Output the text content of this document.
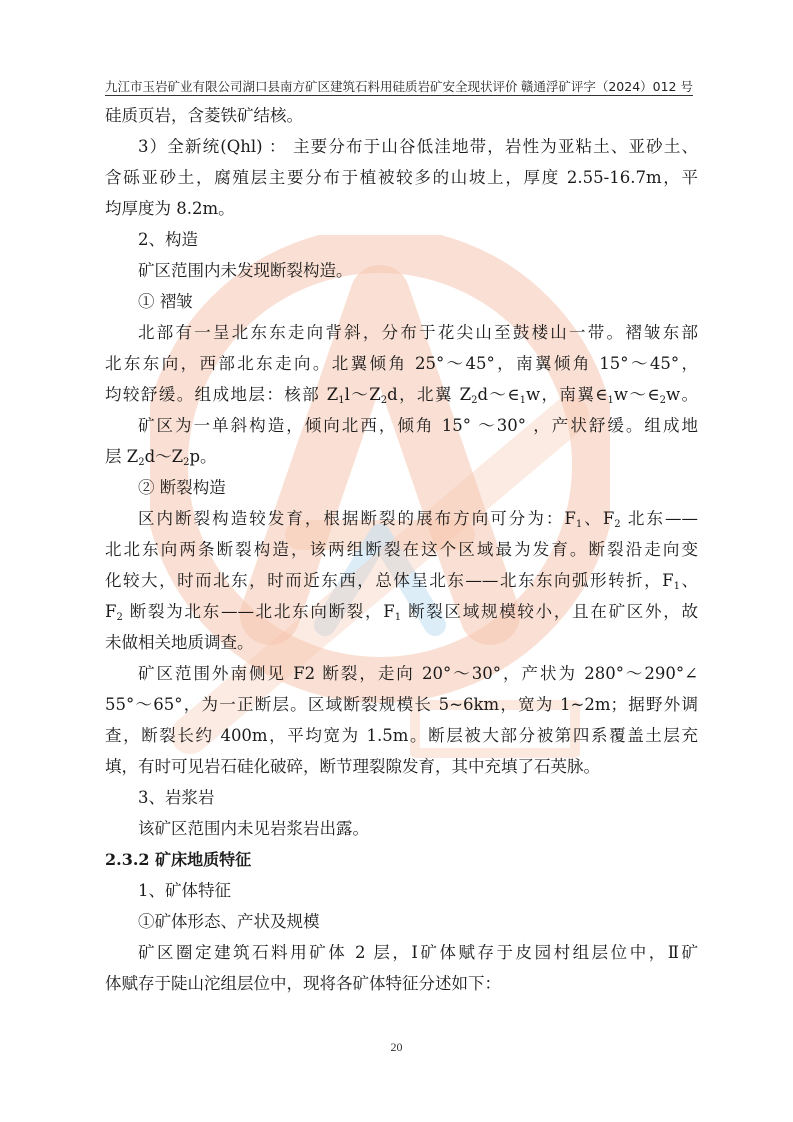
九江市玉岩矿业有限公司湖口县南方矿区建筑石料用硅质岩矿安全现状评价 赣通浮矿评字（2024）012 号
硅质页岩，含菱铁矿结核。
3）全新统(Qhl) ： 主要分布于山谷低洼地带，岩性为亚粘土、亚砂土、
含砾亚砂土，腐殖层主要分布于植被较多的山坡上，厚度 2.55-16.7m，平
均厚度为 8.2m。
2、构造
矿区范围内未发现断裂构造。
① 褶皱
北部有一呈北东东走向背斜，分布于花尖山至鼓楼山一带。褶皱东部
北东东向，西部北东走向。北翼倾角 25°～45°，南翼倾角 15°～45°，
均较舒缓。组成地层：核部 $Z_1l\sim Z_2d$，北翼 $Z_2d\sim\in_1w$，南翼$\in_1w\sim\in_2w$。
矿区为一单斜构造，倾向北西，倾角 15° ～30° ，产状舒缓。组成地
层 $Z_2d\sim Z_2p$。
② 断裂构造
区内断裂构造较发育，根据断裂的展布方向可分为：$F_1$、$F_2$ 北东——
北北东向两条断裂构造，该两组断裂在这个区域最为发育。断裂沿走向变
化较大，时而北东，时而近东西，总体呈北东——北东东向弧形转折，$F_1$、
$F_2$ 断裂为北东——北北东向断裂，$F_1$ 断裂区域规模较小，且在矿区外，故
未做相关地质调查。
矿区范围外南侧见 F2 断裂，走向 20°～30°，产状为 280°～290°∠
55°～65°，为一正断层。区域断裂规模长 5~6km，宽为 1~2m；据野外调
查，断裂长约 400m，平均宽为 1.5m。断层被大部分被第四系覆盖土层充
填，有时可见岩石硅化破碎，断节理裂隙发育，其中充填了石英脉。
3、岩浆岩
该矿区范围内未见岩浆岩出露。
2.3.2 矿床地质特征
1、矿体特征
①矿体形态、产状及规模
矿区圈定建筑石料用矿体 2 层，Ⅰ矿体赋存于皮园村组层位中，Ⅱ矿
体赋存于陡山沱组层位中，现将各矿体特征分述如下：
20
